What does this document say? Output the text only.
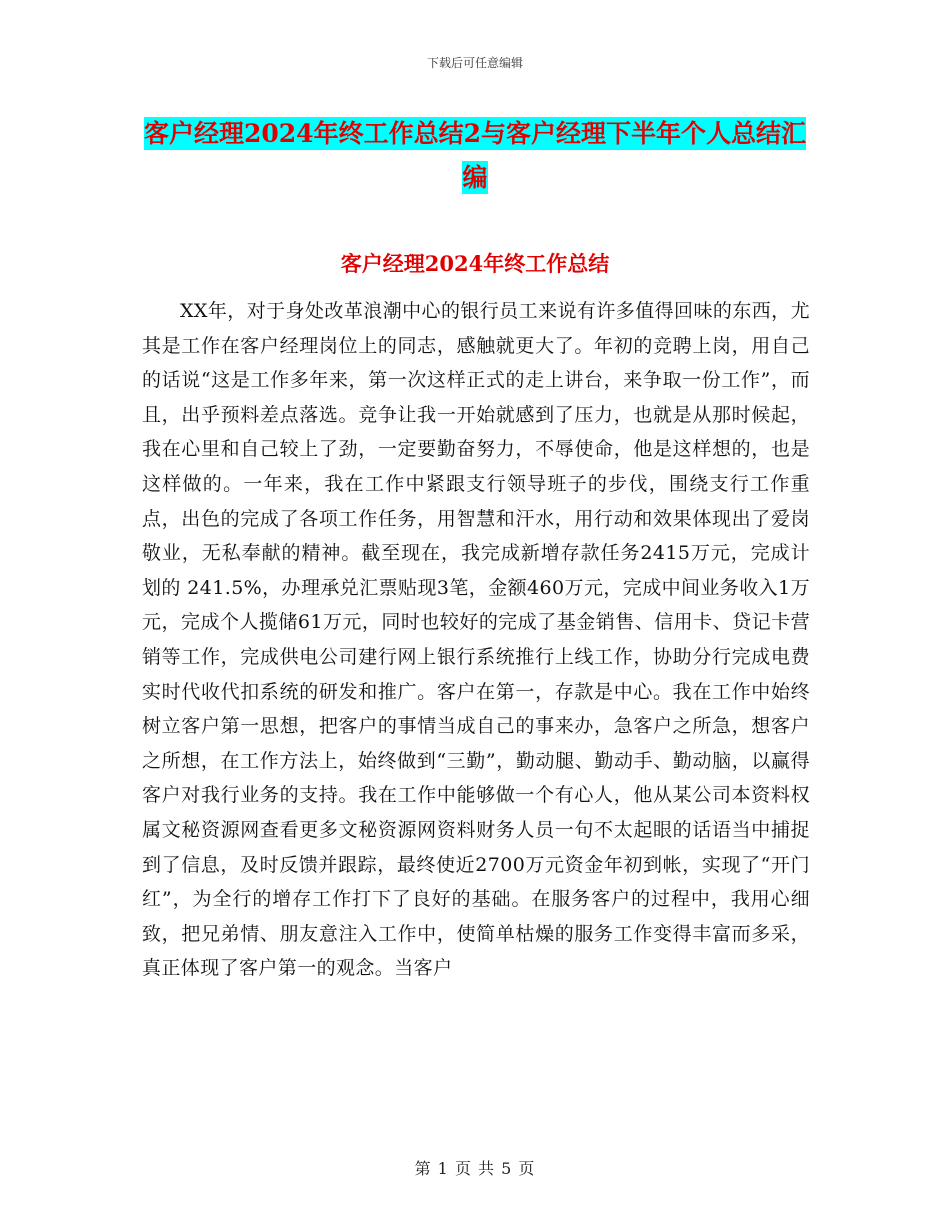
下载后可任意编辑
客户经理2024年终工作总结2与客户经理下半年个人总结汇编
客户经理2024年终工作总结

XX年，对于身处改革浪潮中心的银行员工来说有许多值得回味的东西，尤其是工作在客户经理岗位上的同志，感触就更大了。年初的竞聘上岗，用自己的话说“这是工作多年来，第一次这样正式的走上讲台，来争取一份工作”，而且，出乎预料差点落选。竞争让我一开始就感到了压力，也就是从那时候起，我在心里和自己较上了劲，一定要勤奋努力，不辱使命，他是这样想的，也是这样做的。一年来，我在工作中紧跟支行领导班子的步伐，围绕支行工作重点，出色的完成了各项工作任务，用智慧和汗水，用行动和效果体现出了爱岗敬业，无私奉献的精神。截至现在，我完成新增存款任务2415万元，完成计划的 241.5%，办理承兑汇票贴现3笔，金额460万元，完成中间业务收入1万元，完成个人揽储61万元，同时也较好的完成了基金销售、信用卡、贷记卡营销等工作，完成供电公司建行网上银行系统推行上线工作，协助分行完成电费实时代收代扣系统的研发和推广。客户在第一，存款是中心。我在工作中始终树立客户第一思想，把客户的事情当成自己的事来办，急客户之所急，想客户之所想，在工作方法上，始终做到“三勤”，勤动腿、勤动手、勤动脑，以赢得客户对我行业务的支持。我在工作中能够做一个有心人，他从某公司本资料权属文秘资源网查看更多文秘资源网资料财务人员一句不太起眼的话语当中捕捉到了信息，及时反馈并跟踪，最终使近2700万元资金年初到帐，实现了“开门红”，为全行的增存工作打下了良好的基础。在服务客户的过程中，我用心细致，把兄弟情、朋友意注入工作中，使简单枯燥的服务工作变得丰富而多采，真正体现了客户第一的观念。当客户

第 1 页 共 5 页
